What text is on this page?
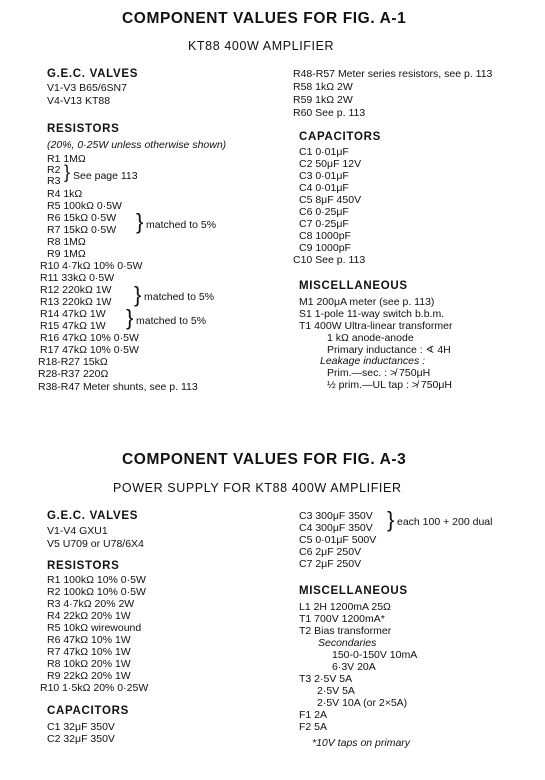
COMPONENT VALUES FOR FIG. A-1
KT88 400W AMPLIFIER
G.E.C. VALVES
V1-V3 B65/6SN7
V4-V13 KT88
RESISTORS
(20%, 0·25W unless otherwise shown)
R1 1MΩ
R2
R3 } See page 113
R4 1kΩ
R5 100kΩ 0·5W
R6 15kΩ 0·5W
R7 15kΩ 0·5W } matched to 5%
R8 1MΩ
R9 1MΩ
R10 4·7kΩ 10% 0·5W
R11 33kΩ 0·5W
R12 220kΩ 1W
R13 220kΩ 1W } matched to 5%
R14 47kΩ 1W
R15 47kΩ 1W } matched to 5%
R16 47kΩ 10% 0·5W
R17 47kΩ 10% 0·5W
R18-R27 15kΩ
R28-R37 220Ω
R38-R47 Meter shunts, see p. 113
R48-R57 Meter series resistors, see p. 113
R58 1kΩ 2W
R59 1kΩ 2W
R60 See p. 113
CAPACITORS
C1 0·01μF
C2 50μF 12V
C3 0·01μF
C4 0·01μF
C5 8μF 450V
C6 0·25μF
C7 0·25μF
C8 1000pF
C9 1000pF
C10 See p. 113
MISCELLANEOUS
M1 200μA meter (see p. 113)
S1 1-pole 11-way switch b.b.m.
T1 400W Ultra-linear transformer
1 kΩ anode-anode
Primary inductance : ∢ 4H
Leakage inductances :
Prim.—sec. : ≯ 750μH
½ prim.—UL tap : ≯ 750μH
COMPONENT VALUES FOR FIG. A-3
POWER SUPPLY FOR KT88 400W AMPLIFIER
G.E.C. VALVES
V1-V4 GXU1
V5 U709 or U78/6X4
RESISTORS
R1 100kΩ 10% 0·5W
R2 100kΩ 10% 0·5W
R3 4·7kΩ 20% 2W
R4 22kΩ 20% 1W
R5 10kΩ wirewound
R6 47kΩ 10% 1W
R7 47kΩ 10% 1W
R8 10kΩ 20% 1W
R9 22kΩ 20% 1W
R10 1·5kΩ 20% 0·25W
CAPACITORS
C1 32μF 350V
C2 32μF 350V
C3 300μF 350V
C4 300μF 350V } each 100 + 200 dual
C5 0·01μF 500V
C6 2μF 250V
C7 2μF 250V
MISCELLANEOUS
L1 2H 1200mA 25Ω
T1 700V 1200mA*
T2 Bias transformer
Secondaries
150-0-150V 10mA
6·3V 20A
T3 2·5V 5A
2·5V 5A
2·5V 10A (or 2×5A)
F1 2A
F2 5A
*10V taps on primary
